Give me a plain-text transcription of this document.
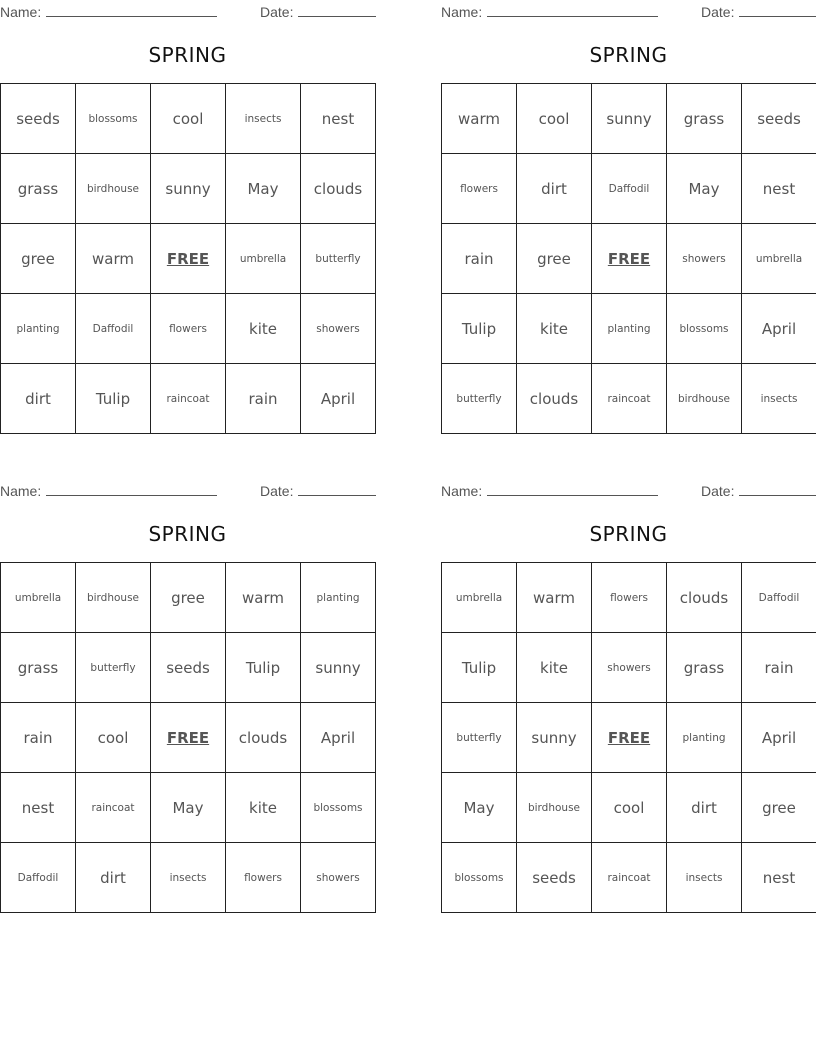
Name:	Date:
SPRING
seeds	blossoms	cool	insects	nest
grass	birdhouse	sunny	May	clouds
gree	warm	FREE	umbrella	butterfly
planting	Daffodil	flowers	kite	showers
dirt	Tulip	raincoat	rain	April
Name:	Date:
SPRING
warm	cool	sunny	grass	seeds
flowers	dirt	Daffodil	May	nest
rain	gree	FREE	showers	umbrella
Tulip	kite	planting	blossoms	April
butterfly	clouds	raincoat	birdhouse	insects
Name:	Date:
SPRING
umbrella	birdhouse	gree	warm	planting
grass	butterfly	seeds	Tulip	sunny
rain	cool	FREE	clouds	April
nest	raincoat	May	kite	blossoms
Daffodil	dirt	insects	flowers	showers
Name:	Date:
SPRING
umbrella	warm	flowers	clouds	Daffodil
Tulip	kite	showers	grass	rain
butterfly	sunny	FREE	planting	April
May	birdhouse	cool	dirt	gree
blossoms	seeds	raincoat	insects	nest
